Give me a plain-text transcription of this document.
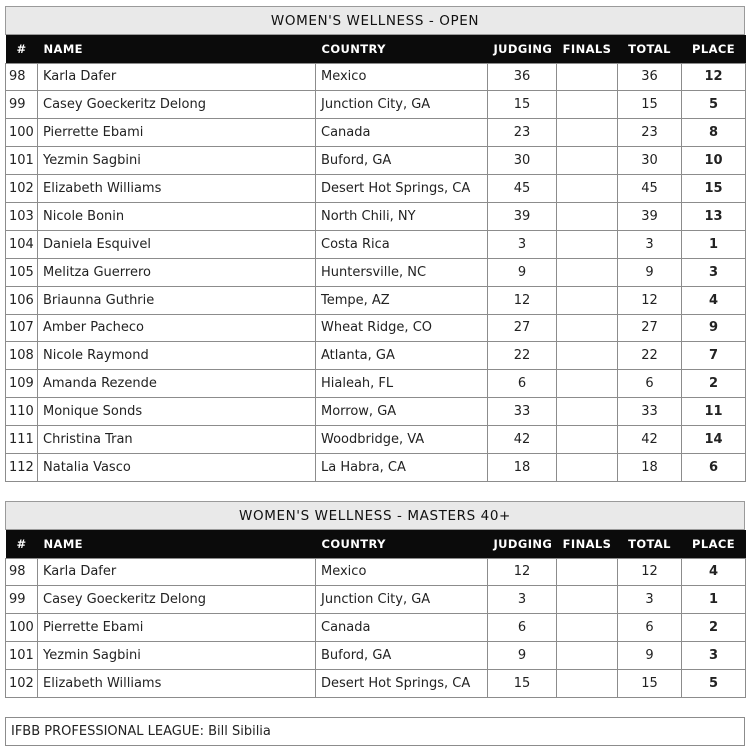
WOMEN'S WELLNESS - OPEN
#	NAME	COUNTRY	JUDGING	FINALS	TOTAL	PLACE
98	Karla Dafer	Mexico	36		36	12
99	Casey Goeckeritz Delong	Junction City, GA	15		15	5
100	Pierrette Ebami	Canada	23		23	8
101	Yezmin Sagbini	Buford, GA	30		30	10
102	Elizabeth Williams	Desert Hot Springs, CA	45		45	15
103	Nicole Bonin	North Chili, NY	39		39	13
104	Daniela Esquivel	Costa Rica	3		3	1
105	Melitza Guerrero	Huntersville, NC	9		9	3
106	Briaunna Guthrie	Tempe, AZ	12		12	4
107	Amber Pacheco	Wheat Ridge, CO	27		27	9
108	Nicole Raymond	Atlanta, GA	22		22	7
109	Amanda Rezende	Hialeah, FL	6		6	2
110	Monique Sonds	Morrow, GA	33		33	11
111	Christina Tran	Woodbridge, VA	42		42	14
112	Natalia Vasco	La Habra, CA	18		18	6
WOMEN'S WELLNESS - MASTERS 40+
#	NAME	COUNTRY	JUDGING	FINALS	TOTAL	PLACE
98	Karla Dafer	Mexico	12		12	4
99	Casey Goeckeritz Delong	Junction City, GA	3		3	1
100	Pierrette Ebami	Canada	6		6	2
101	Yezmin Sagbini	Buford, GA	9		9	3
102	Elizabeth Williams	Desert Hot Springs, CA	15		15	5
IFBB PROFESSIONAL LEAGUE: Bill Sibilia
